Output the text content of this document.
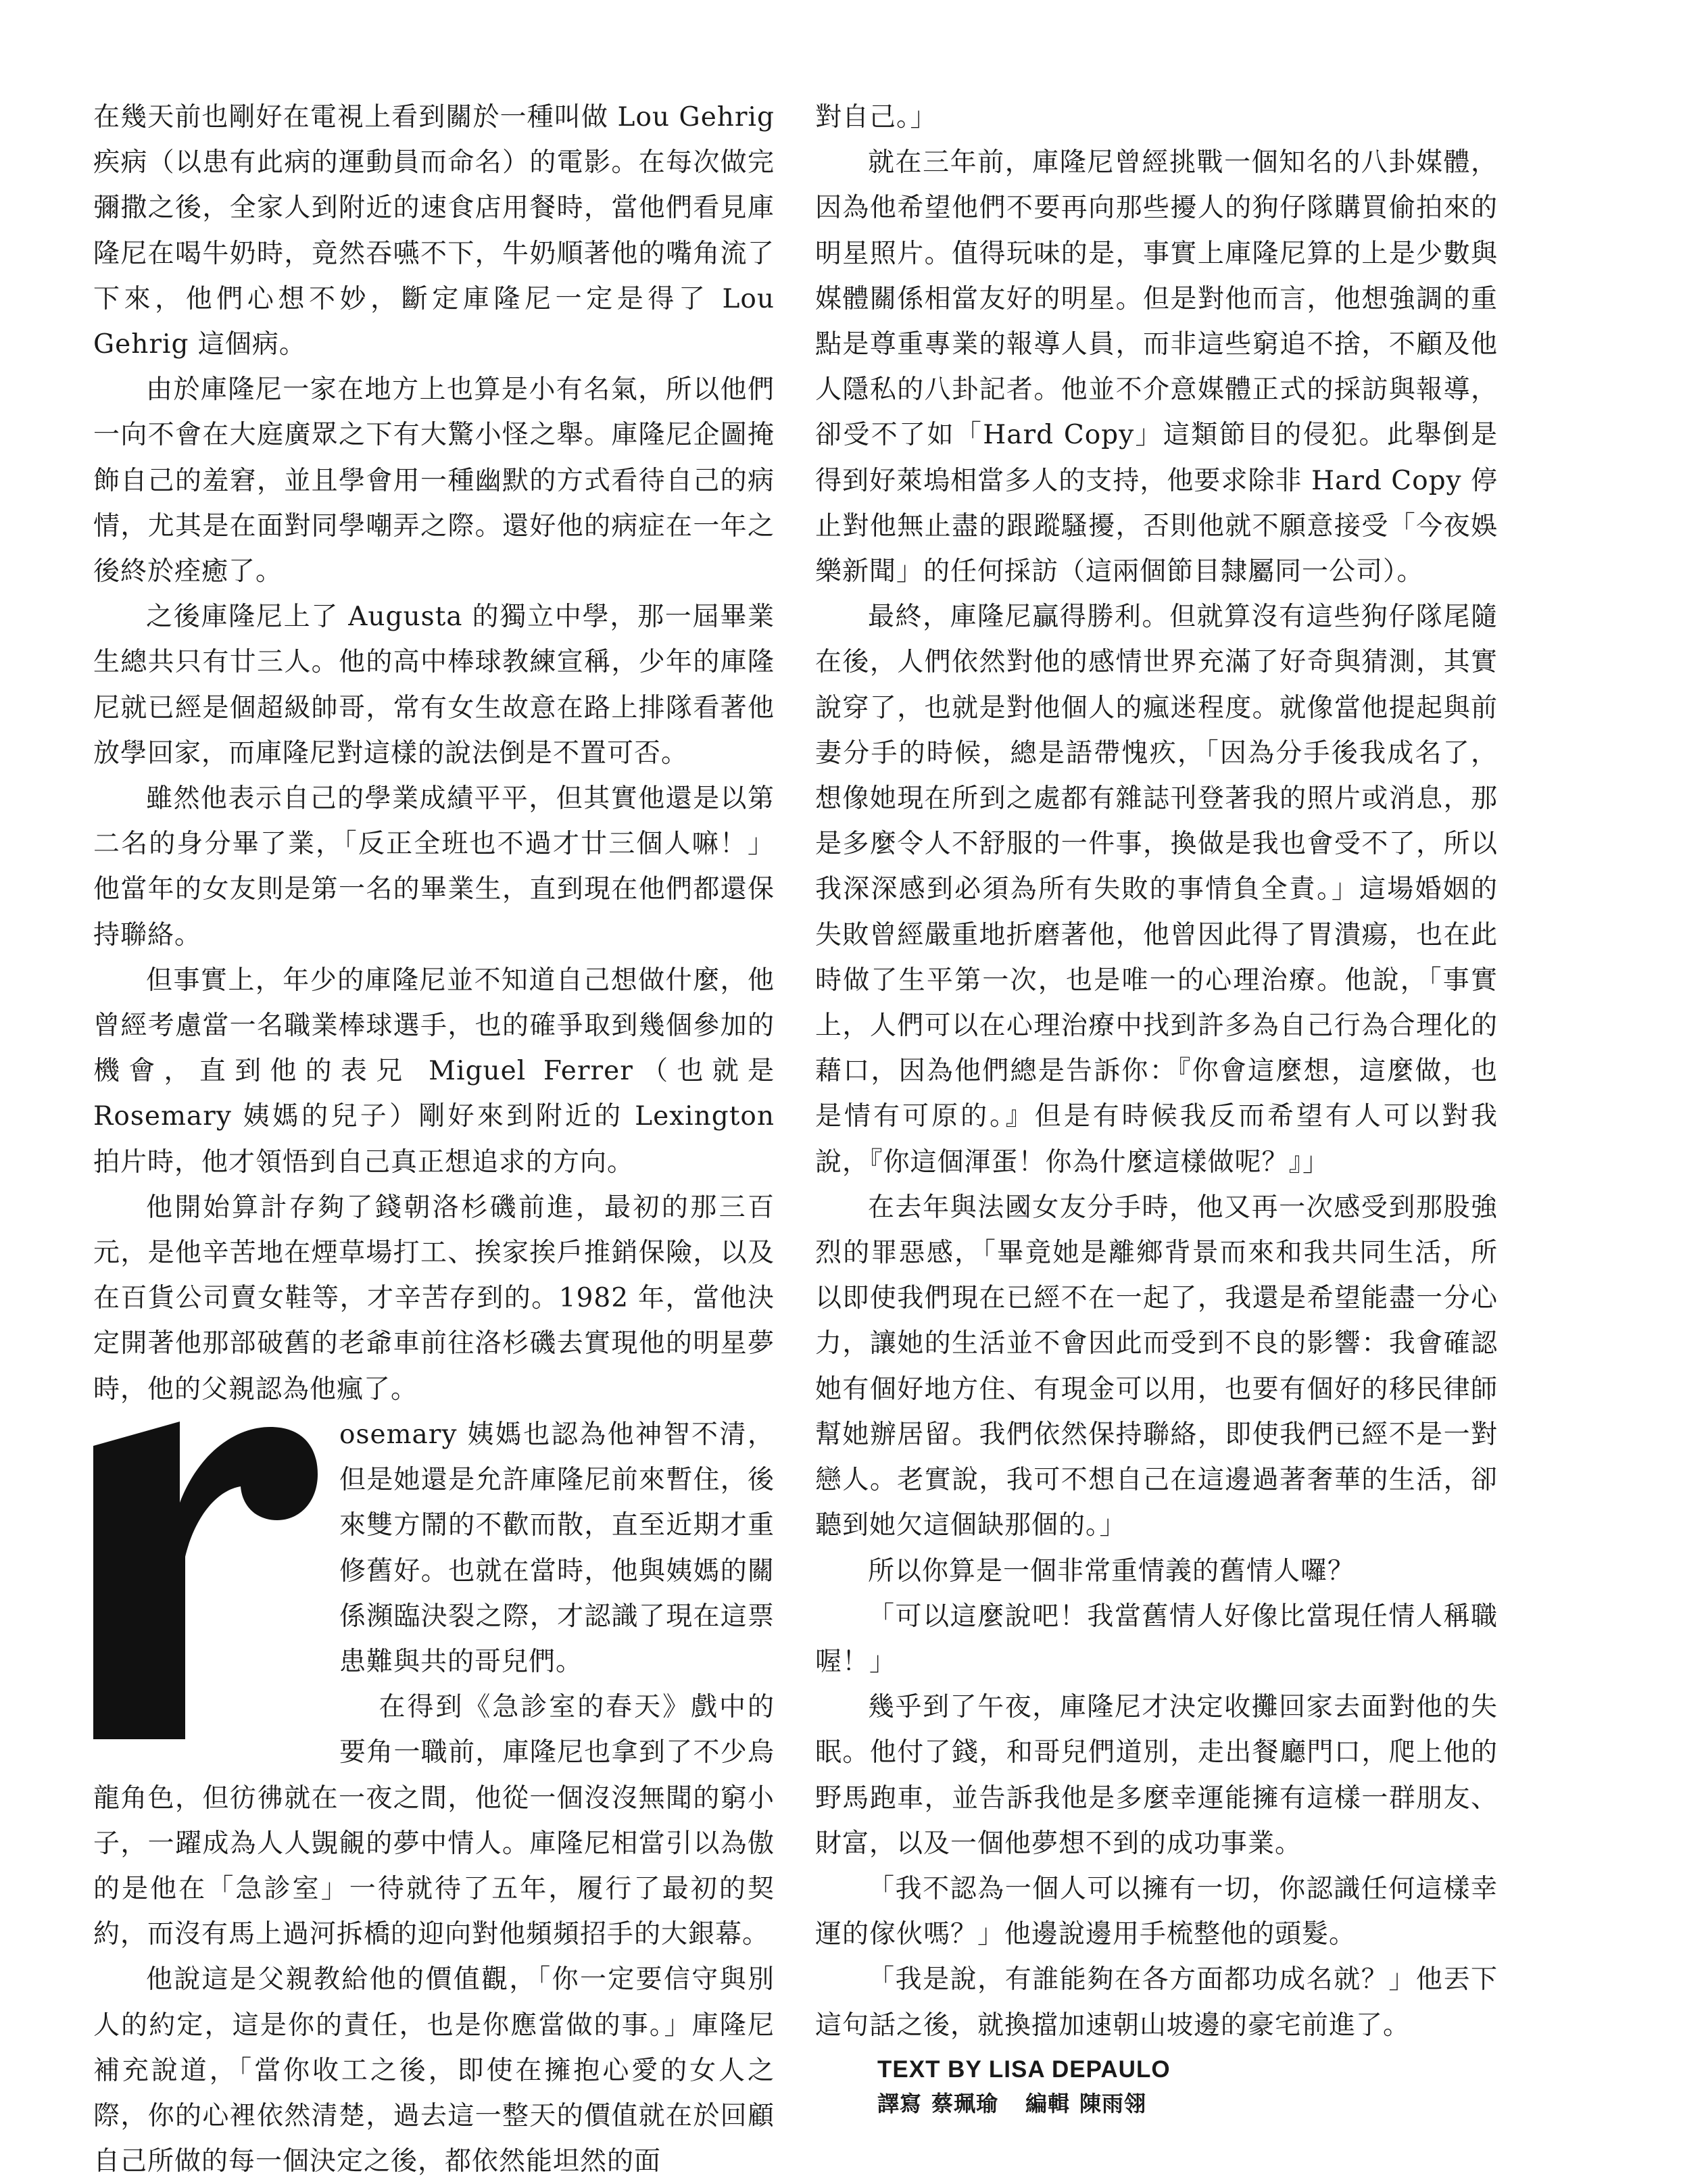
在幾天前也剛好在電視上看到關於一種叫做 Lou Gehrig 疾病（以患有此病的運動員而命名）的電影。在每次做完彌撒之後，全家人到附近的速食店用餐時，當他們看見庫隆尼在喝牛奶時，竟然吞嚥不下，牛奶順著他的嘴角流了下來，他們心想不妙，斷定庫隆尼一定是得了 Lou Gehrig 這個病。

由於庫隆尼一家在地方上也算是小有名氣，所以他們一向不會在大庭廣眾之下有大驚小怪之舉。庫隆尼企圖掩飾自己的羞窘，並且學會用一種幽默的方式看待自己的病情，尤其是在面對同學嘲弄之際。還好他的病症在一年之後終於痊癒了。

之後庫隆尼上了 Augusta 的獨立中學，那一屆畢業生總共只有廿三人。他的高中棒球教練宣稱，少年的庫隆尼就已經是個超級帥哥，常有女生故意在路上排隊看著他放學回家，而庫隆尼對這樣的說法倒是不置可否。

雖然他表示自己的學業成績平平，但其實他還是以第二名的身分畢了業，「反正全班也不過才廿三個人嘛！」他當年的女友則是第一名的畢業生，直到現在他們都還保持聯絡。

但事實上，年少的庫隆尼並不知道自己想做什麼，他曾經考慮當一名職業棒球選手，也的確爭取到幾個參加的機會，直到他的表兄 Miguel Ferrer（也就是 Rosemary 姨媽的兒子）剛好來到附近的 Lexington 拍片時，他才領悟到自己真正想追求的方向。

他開始算計存夠了錢朝洛杉磯前進，最初的那三百元，是他辛苦地在煙草場打工、挨家挨戶推銷保險，以及在百貨公司賣女鞋等，才辛苦存到的。1982 年，當他決定開著他那部破舊的老爺車前往洛杉磯去實現他的明星夢時，他的父親認為他瘋了。

osemary 姨媽也認為他神智不清，但是她還是允許庫隆尼前來暫住，後來雙方鬧的不歡而散，直至近期才重修舊好。也就在當時，他與姨媽的關係瀕臨決裂之際，才認識了現在這票患難與共的哥兒們。

在得到《急診室的春天》戲中的要角一職前，庫隆尼也拿到了不少烏龍角色，但彷彿就在一夜之間，他從一個沒沒無聞的窮小子，一躍成為人人覬覦的夢中情人。庫隆尼相當引以為傲的是他在「急診室」一待就待了五年，履行了最初的契約，而沒有馬上過河拆橋的迎向對他頻頻招手的大銀幕。

他說這是父親教給他的價值觀，「你一定要信守與別人的約定，這是你的責任，也是你應當做的事。」庫隆尼補充說道，「當你收工之後，即使在擁抱心愛的女人之際，你的心裡依然清楚，過去這一整天的價值就在於回顧自己所做的每一個決定之後，都依然能坦然的面

對自己。」

就在三年前，庫隆尼曾經挑戰一個知名的八卦媒體，因為他希望他們不要再向那些擾人的狗仔隊購買偷拍來的明星照片。值得玩味的是，事實上庫隆尼算的上是少數與媒體關係相當友好的明星。但是對他而言，他想強調的重點是尊重專業的報導人員，而非這些窮追不捨，不顧及他人隱私的八卦記者。他並不介意媒體正式的採訪與報導，卻受不了如「Hard Copy」這類節目的侵犯。此舉倒是得到好萊塢相當多人的支持，他要求除非 Hard Copy 停止對他無止盡的跟蹤騷擾，否則他就不願意接受「今夜娛樂新聞」的任何採訪（這兩個節目隸屬同一公司）。

最終，庫隆尼贏得勝利。但就算沒有這些狗仔隊尾隨在後，人們依然對他的感情世界充滿了好奇與猜測，其實說穿了，也就是對他個人的瘋迷程度。就像當他提起與前妻分手的時候，總是語帶愧疚，「因為分手後我成名了，想像她現在所到之處都有雜誌刊登著我的照片或消息，那是多麼令人不舒服的一件事，換做是我也會受不了，所以我深深感到必須為所有失敗的事情負全責。」這場婚姻的失敗曾經嚴重地折磨著他，他曾因此得了胃潰瘍，也在此時做了生平第一次，也是唯一的心理治療。他說，「事實上，人們可以在心理治療中找到許多為自己行為合理化的藉口，因為他們總是告訴你：『你會這麼想，這麼做，也是情有可原的。』但是有時候我反而希望有人可以對我說，『你這個渾蛋！你為什麼這樣做呢？』」

在去年與法國女友分手時，他又再一次感受到那股強烈的罪惡感，「畢竟她是離鄉背景而來和我共同生活，所以即使我們現在已經不在一起了，我還是希望能盡一分心力，讓她的生活並不會因此而受到不良的影響：我會確認她有個好地方住、有現金可以用，也要有個好的移民律師幫她辦居留。我們依然保持聯絡，即使我們已經不是一對戀人。老實說，我可不想自己在這邊過著奢華的生活，卻聽到她欠這個缺那個的。」

所以你算是一個非常重情義的舊情人囉？

「可以這麼說吧！我當舊情人好像比當現任情人稱職喔！」

幾乎到了午夜，庫隆尼才決定收攤回家去面對他的失眠。他付了錢，和哥兒們道別，走出餐廳門口，爬上他的野馬跑車，並告訴我他是多麼幸運能擁有這樣一群朋友、財富，以及一個他夢想不到的成功事業。

「我不認為一個人可以擁有一切，你認識任何這樣幸運的傢伙嗎？」他邊說邊用手梳整他的頭髮。

「我是說，有誰能夠在各方面都功成名就？」他丟下這句話之後，就換擋加速朝山坡邊的豪宅前進了。

TEXT BY LISA DEPAULO
譯寫 蔡珮瑜 編輯 陳雨翎
